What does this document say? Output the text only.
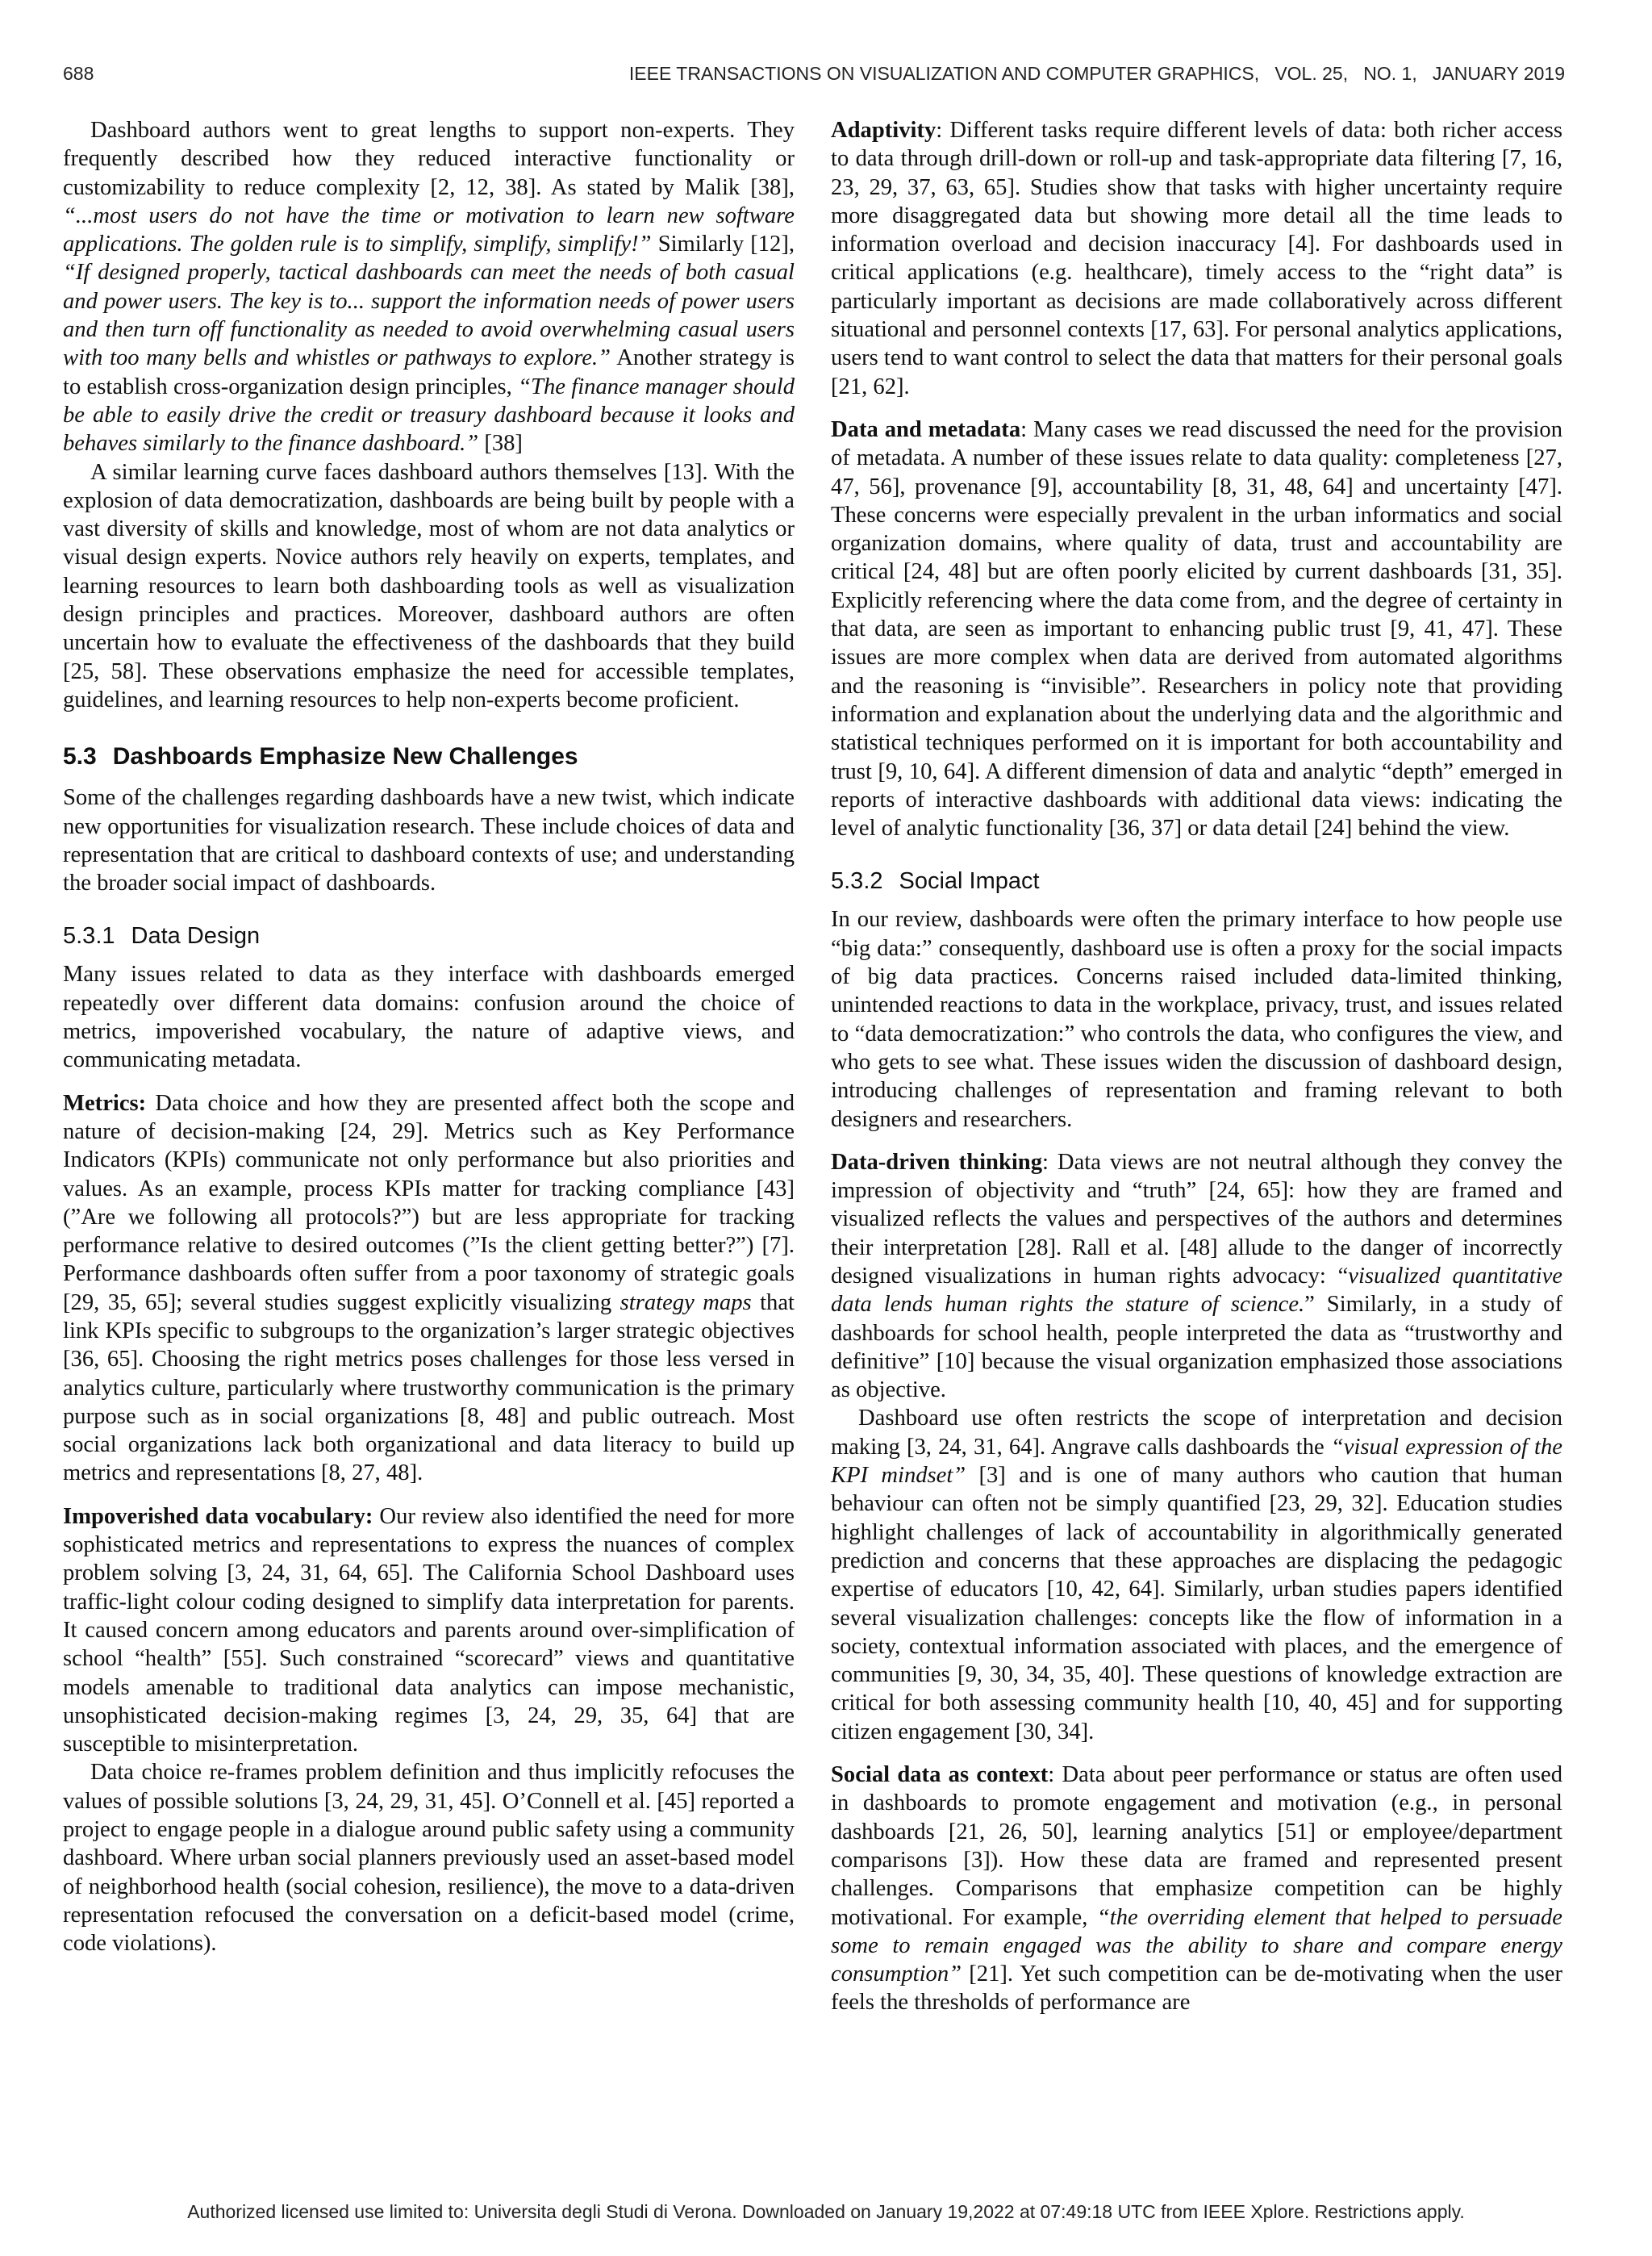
688	IEEE TRANSACTIONS ON VISUALIZATION AND COMPUTER GRAPHICS,   VOL. 25,   NO. 1,   JANUARY 2019

Dashboard authors went to great lengths to support non-experts. They frequently described how they reduced interactive functionality or customizability to reduce complexity [2, 12, 38]. As stated by Malik [38], “...most users do not have the time or motivation to learn new software applications. The golden rule is to simplify, simplify, simplify!” Similarly [12], “If designed properly, tactical dashboards can meet the needs of both casual and power users. The key is to... support the information needs of power users and then turn off functionality as needed to avoid overwhelming casual users with too many bells and whistles or pathways to explore.” Another strategy is to establish cross-organization design principles, “The finance manager should be able to easily drive the credit or treasury dashboard because it looks and behaves similarly to the finance dashboard.” [38]

A similar learning curve faces dashboard authors themselves [13]. With the explosion of data democratization, dashboards are being built by people with a vast diversity of skills and knowledge, most of whom are not data analytics or visual design experts. Novice authors rely heavily on experts, templates, and learning resources to learn both dashboarding tools as well as visualization design principles and practices. Moreover, dashboard authors are often uncertain how to evaluate the effectiveness of the dashboards that they build [25, 58]. These observations emphasize the need for accessible templates, guidelines, and learning resources to help non-experts become proficient.

5.3 Dashboards Emphasize New Challenges

Some of the challenges regarding dashboards have a new twist, which indicate new opportunities for visualization research. These include choices of data and representation that are critical to dashboard contexts of use; and understanding the broader social impact of dashboards.

5.3.1 Data Design

Many issues related to data as they interface with dashboards emerged repeatedly over different data domains: confusion around the choice of metrics, impoverished vocabulary, the nature of adaptive views, and communicating metadata.

Metrics: Data choice and how they are presented affect both the scope and nature of decision-making [24, 29]. Metrics such as Key Performance Indicators (KPIs) communicate not only performance but also priorities and values. As an example, process KPIs matter for tracking compliance [43] (”Are we following all protocols?”) but are less appropriate for tracking performance relative to desired outcomes (”Is the client getting better?”) [7]. Performance dashboards often suffer from a poor taxonomy of strategic goals [29, 35, 65]; several studies suggest explicitly visualizing strategy maps that link KPIs specific to subgroups to the organization’s larger strategic objectives [36, 65]. Choosing the right metrics poses challenges for those less versed in analytics culture, particularly where trustworthy communication is the primary purpose such as in social organizations [8, 48] and public outreach. Most social organizations lack both organizational and data literacy to build up metrics and representations [8, 27, 48].

Impoverished data vocabulary: Our review also identified the need for more sophisticated metrics and representations to express the nuances of complex problem solving [3, 24, 31, 64, 65]. The California School Dashboard uses traffic-light colour coding designed to simplify data interpretation for parents. It caused concern among educators and parents around over-simplification of school “health” [55]. Such constrained “scorecard” views and quantitative models amenable to traditional data analytics can impose mechanistic, unsophisticated decision-making regimes [3, 24, 29, 35, 64] that are susceptible to misinterpretation.

Data choice re-frames problem definition and thus implicitly refocuses the values of possible solutions [3, 24, 29, 31, 45]. O’Connell et al. [45] reported a project to engage people in a dialogue around public safety using a community dashboard. Where urban social planners previously used an asset-based model of neighborhood health (social cohesion, resilience), the move to a data-driven representation refocused the conversation on a deficit-based model (crime, code violations).

Adaptivity: Different tasks require different levels of data: both richer access to data through drill-down or roll-up and task-appropriate data filtering [7, 16, 23, 29, 37, 63, 65]. Studies show that tasks with higher uncertainty require more disaggregated data but showing more detail all the time leads to information overload and decision inaccuracy [4]. For dashboards used in critical applications (e.g. healthcare), timely access to the “right data” is particularly important as decisions are made collaboratively across different situational and personnel contexts [17, 63]. For personal analytics applications, users tend to want control to select the data that matters for their personal goals [21, 62].

Data and metadata: Many cases we read discussed the need for the provision of metadata. A number of these issues relate to data quality: completeness [27, 47, 56], provenance [9], accountability [8, 31, 48, 64] and uncertainty [47]. These concerns were especially prevalent in the urban informatics and social organization domains, where quality of data, trust and accountability are critical [24, 48] but are often poorly elicited by current dashboards [31, 35]. Explicitly referencing where the data come from, and the degree of certainty in that data, are seen as important to enhancing public trust [9, 41, 47]. These issues are more complex when data are derived from automated algorithms and the reasoning is “invisible”. Researchers in policy note that providing information and explanation about the underlying data and the algorithmic and statistical techniques performed on it is important for both accountability and trust [9, 10, 64]. A different dimension of data and analytic “depth” emerged in reports of interactive dashboards with additional data views: indicating the level of analytic functionality [36, 37] or data detail [24] behind the view.

5.3.2 Social Impact

In our review, dashboards were often the primary interface to how people use “big data:” consequently, dashboard use is often a proxy for the social impacts of big data practices. Concerns raised included data-limited thinking, unintended reactions to data in the workplace, privacy, trust, and issues related to “data democratization:” who controls the data, who configures the view, and who gets to see what. These issues widen the discussion of dashboard design, introducing challenges of representation and framing relevant to both designers and researchers.

Data-driven thinking: Data views are not neutral although they convey the impression of objectivity and “truth” [24, 65]: how they are framed and visualized reflects the values and perspectives of the authors and determines their interpretation [28]. Rall et al. [48] allude to the danger of incorrectly designed visualizations in human rights advocacy: “visualized quantitative data lends human rights the stature of science.” Similarly, in a study of dashboards for school health, people interpreted the data as “trustworthy and definitive” [10] because the visual organization emphasized those associations as objective.

Dashboard use often restricts the scope of interpretation and decision making [3, 24, 31, 64]. Angrave calls dashboards the “visual expression of the KPI mindset” [3] and is one of many authors who caution that human behaviour can often not be simply quantified [23, 29, 32]. Education studies highlight challenges of lack of accountability in algorithmically generated prediction and concerns that these approaches are displacing the pedagogic expertise of educators [10, 42, 64]. Similarly, urban studies papers identified several visualization challenges: concepts like the flow of information in a society, contextual information associated with places, and the emergence of communities [9, 30, 34, 35, 40]. These questions of knowledge extraction are critical for both assessing community health [10, 40, 45] and for supporting citizen engagement [30, 34].

Social data as context: Data about peer performance or status are often used in dashboards to promote engagement and motivation (e.g., in personal dashboards [21, 26, 50], learning analytics [51] or employee/department comparisons [3]). How these data are framed and represented present challenges. Comparisons that emphasize competition can be highly motivational. For example, “the overriding element that helped to persuade some to remain engaged was the ability to share and compare energy consumption” [21]. Yet such competition can be de-motivating when the user feels the thresholds of performance are

Authorized licensed use limited to: Universita degli Studi di Verona. Downloaded on January 19,2022 at 07:49:18 UTC from IEEE Xplore. Restrictions apply.
